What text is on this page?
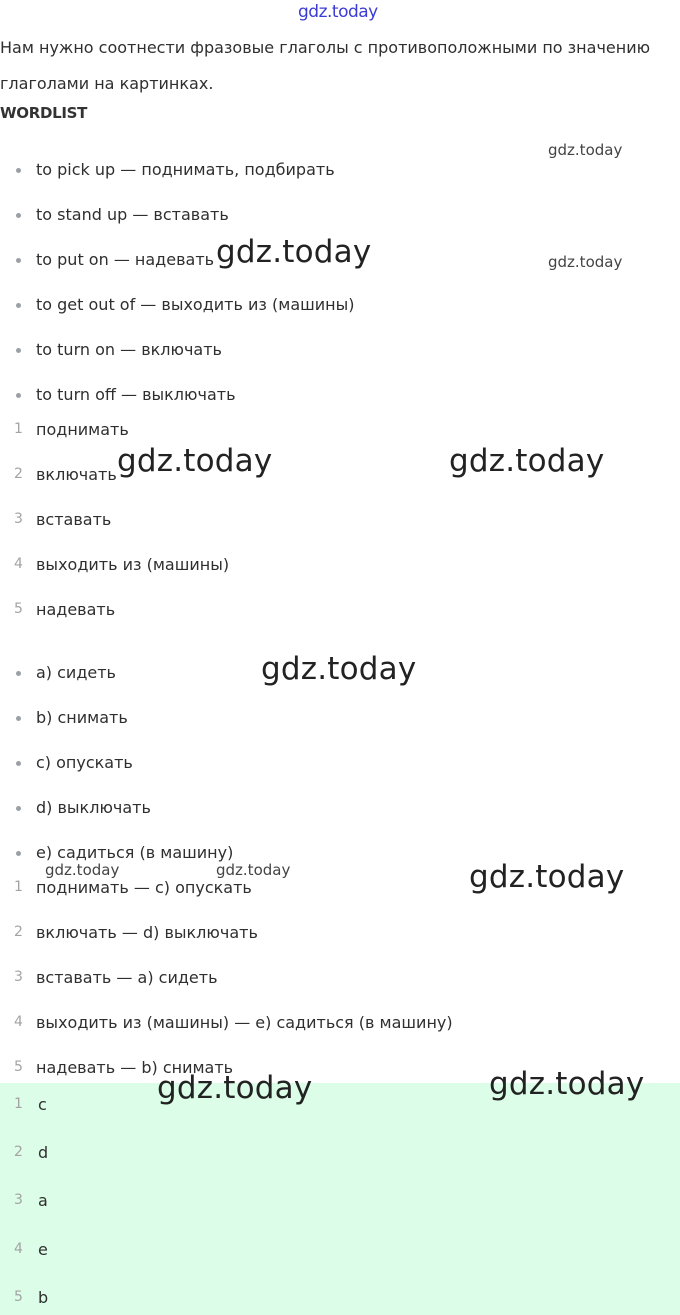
gdz.today
Нам нужно соотнести фразовые глаголы с противоположными по значению глаголами на картинках.
WORDLIST
to pick up — поднимать, подбирать
to stand up — вставать
to put on — надевать
to get out of — выходить из (машины)
to turn on — включать
to turn off — выключать
1 поднимать
2 включать
3 вставать
4 выходить из (машины)
5 надевать
a) сидеть
b) снимать
c) опускать
d) выключать
e) садиться (в машину)
1 поднимать — c) опускать
2 включать — d) выключать
3 вставать — a) сидеть
4 выходить из (машины) — e) садиться (в машину)
5 надевать — b) снимать
1 c
2 d
3 a
4 e
5 b
gdz.today
gdz.today
gdz.today
gdz.today	gdz.today
gdz.today
gdz.today	gdz.today	gdz.today
gdz.today	gdz.today
